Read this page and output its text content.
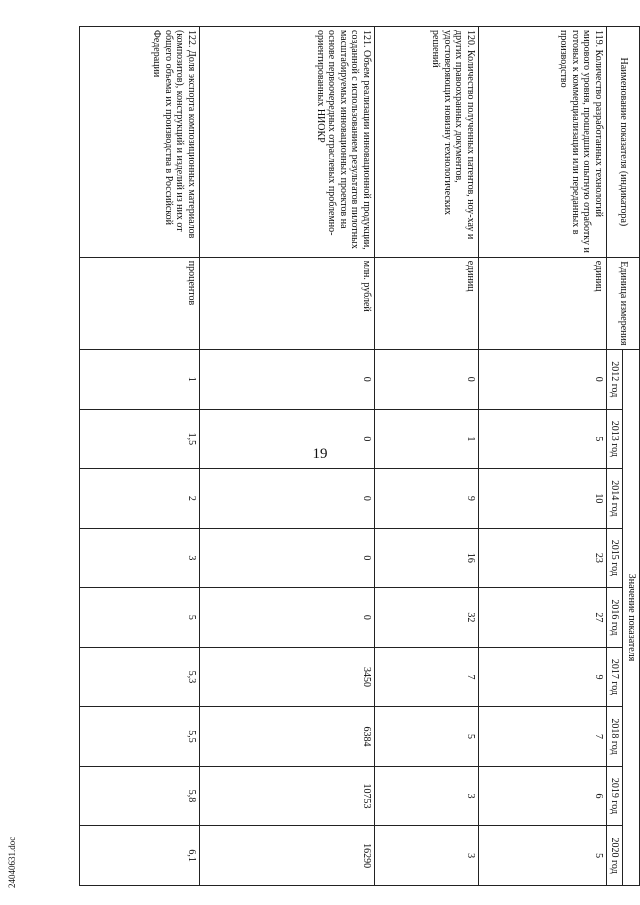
19
Наименование показателя (индикатора)	Единица измерения	Значение показателя								
		2012 год	2013 год	2014 год	2015 год	2016 год	2017 год	2018 год	2019 год	2020 год
119. Количество разработанных технологий мирового уровня, прошедших опытную отработку и готовых к коммерциализации или переданных в производство	единиц	0	5	10	23	27	9	7	6	5
120. Количество полученных патентов, ноу-хау и других правоохранных документов, удостоверяющих новизну технологических решений	единиц	0	1	9	16	32	7	5	3	3
121. Объем реализации инновационной продукции, созданной с использованием результатов пилотных масштабируемых инновационных проектов на основе первоочередных отраслевых проблемно-ориентированных НИОКР	млн. рублей	0	0	0	0	0	3450	6384	10753	16290
122. Доля экспорта композиционных материалов (композитов), конструкций и изделий из них от общего объема их производства в Российской Федерации	процентов	1	1,5	2	3	5	5,3	5,5	5,8	6,1
24040631.doc
